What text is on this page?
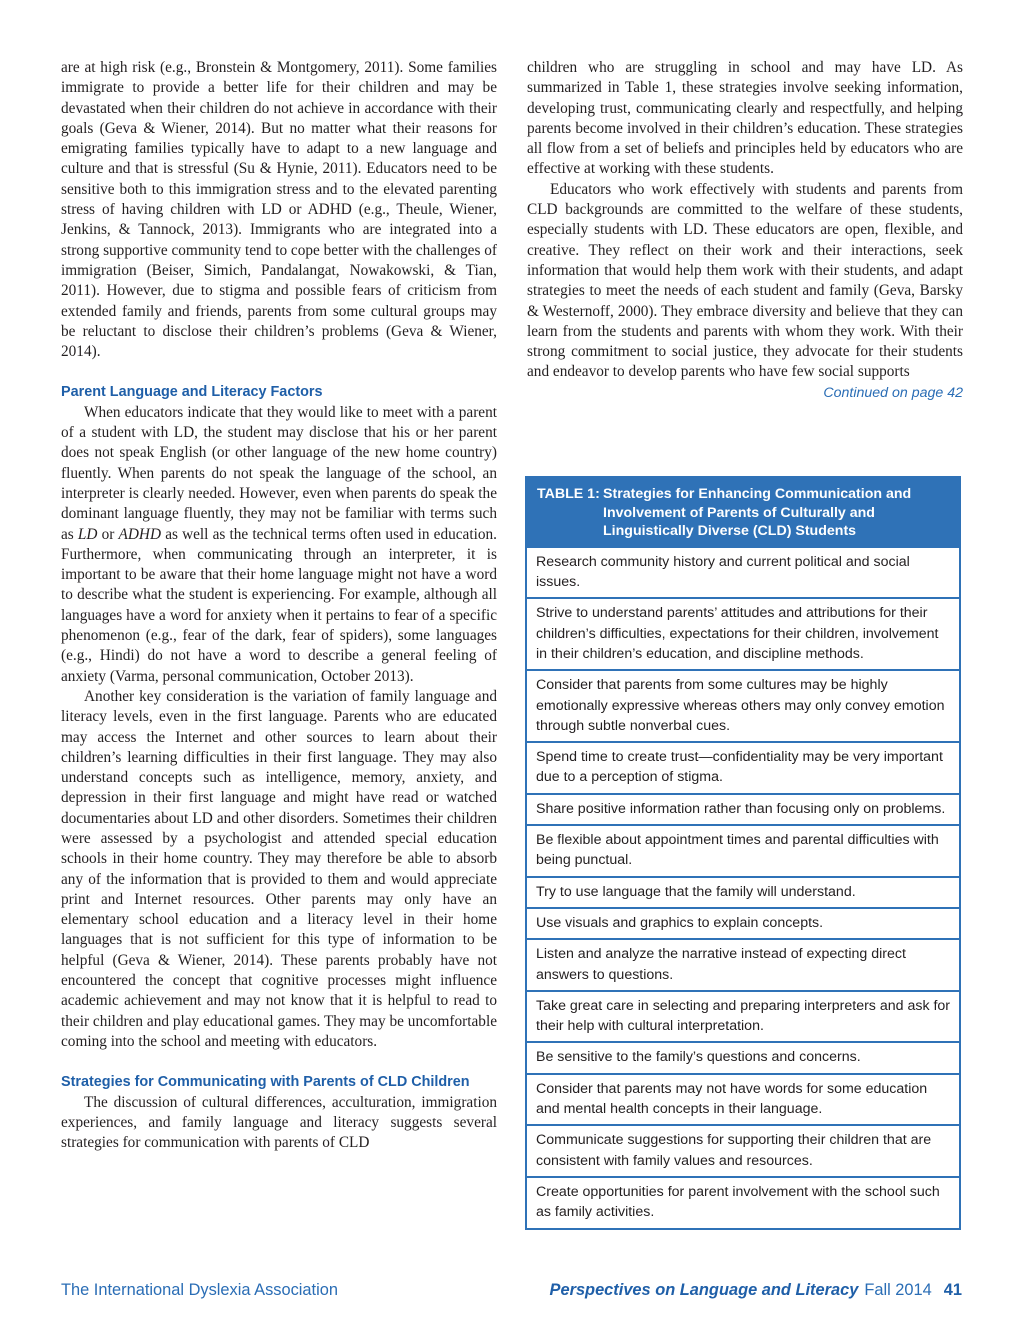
are at high risk (e.g., Bronstein & Montgomery, 2011). Some families immigrate to provide a better life for their children and may be devastated when their children do not achieve in accordance with their goals (Geva & Wiener, 2014). But no matter what their reasons for emigrating families typically have to adapt to a new language and culture and that is stressful (Su & Hynie, 2011). Educators need to be sensitive both to this immigration stress and to the elevated parenting stress of having children with LD or ADHD (e.g., Theule, Wiener, Jenkins, & Tannock, 2013). Immigrants who are integrated into a strong supportive community tend to cope better with the challenges of immigration (Beiser, Simich, Pandalangat, Nowakowski, & Tian, 2011). However, due to stigma and possible fears of criticism from extended family and friends, parents from some cultural groups may be reluctant to disclose their children’s problems (Geva & Wiener, 2014).

Parent Language and Literacy Factors

When educators indicate that they would like to meet with a parent of a student with LD, the student may disclose that his or her parent does not speak English (or other language of the new home country) fluently. When parents do not speak the language of the school, an interpreter is clearly needed. However, even when parents do speak the dominant language fluently, they may not be familiar with terms such as LD or ADHD as well as the technical terms often used in education. Furthermore, when communicating through an interpreter, it is important to be aware that their home language might not have a word to describe what the student is experiencing. For example, although all languages have a word for anxiety when it pertains to fear of a specific phenomenon (e.g., fear of the dark, fear of spiders), some languages (e.g., Hindi) do not have a word to describe a general feeling of anxiety (Varma, personal communication, October 2013).

Another key consideration is the variation of family language and literacy levels, even in the first language. Parents who are educated may access the Internet and other sources to learn about their children’s learning difficulties in their first language. They may also understand concepts such as intelligence, memory, anxiety, and depression in their first language and might have read or watched documentaries about LD and other disorders. Sometimes their children were assessed by a psychologist and attended special education schools in their home country. They may therefore be able to absorb any of the information that is provided to them and would appreciate print and Internet resources. Other parents may only have an elementary school education and a literacy level in their home languages that is not sufficient for this type of information to be helpful (Geva & Wiener, 2014). These parents probably have not encountered the concept that cognitive processes might influence academic achievement and may not know that it is helpful to read to their children and play educational games. They may be uncomfortable coming into the school and meeting with educators.

Strategies for Communicating with Parents of CLD Children

The discussion of cultural differences, acculturation, immigration experiences, and family language and literacy suggests several strategies for communication with parents of CLD

children who are struggling in school and may have LD. As summarized in Table 1, these strategies involve seeking information, developing trust, communicating clearly and respectfully, and helping parents become involved in their children’s education. These strategies all flow from a set of beliefs and principles held by educators who are effective at working with these students.

Educators who work effectively with students and parents from CLD backgrounds are committed to the welfare of these students, especially students with LD. These educators are open, flexible, and creative. They reflect on their work and their interactions, seek information that would help them work with their students, and adapt strategies to meet the needs of each student and family (Geva, Barsky & Westernoff, 2000). They embrace diversity and believe that they can learn from the students and parents with whom they work. With their strong commitment to social justice, they advocate for their students and endeavor to develop parents who have few social supports

Continued on page 42
TABLE 1: Strategies for Enhancing Communication and Involvement of Parents of Culturally and Linguistically Diverse (CLD) Students
Research community history and current political and social issues.
Strive to understand parents’ attitudes and attributions for their children’s difficulties, expectations for their children, involvement in their children’s education, and discipline methods.
Consider that parents from some cultures may be highly emotionally expressive whereas others may only convey emotion through subtle nonverbal cues.
Spend time to create trust—confidentiality may be very important due to a perception of stigma.
Share positive information rather than focusing only on problems.
Be flexible about appointment times and parental difficulties with being punctual.
Try to use language that the family will understand.
Use visuals and graphics to explain concepts.
Listen and analyze the narrative instead of expecting direct answers to questions.
Take great care in selecting and preparing interpreters and ask for their help with cultural interpretation.
Be sensitive to the family’s questions and concerns.
Consider that parents may not have words for some education and mental health concepts in their language.
Communicate suggestions for supporting their children that are consistent with family values and resources.
Create opportunities for parent involvement with the school such as family activities.
The International Dyslexia Association	Perspectives on Language and Literacy Fall 2014 41
